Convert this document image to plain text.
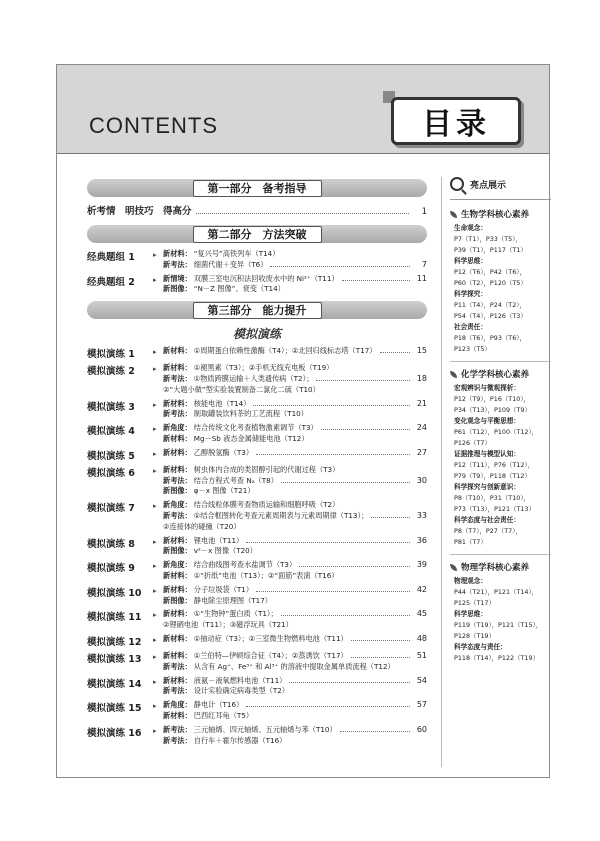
CONTENTS	目录
第一部分　备考指导
析考情　明技巧　得高分	1
第二部分　方法突破
经典题组 1	▸ 新材料： “复兴号”高铁列车（T14）
新考法： 细菌代谢＋变异（T6）	7
经典题组 2	▸ 新情境： 双膜三室电沉积法回收废水中的 Ni²⁺（T11）	11
新图像： “N－Z 图像”、衰变（T14）
第三部分　能力提升
模拟演练
模拟演练 1	▸ 新材料： ①周期蛋白依赖性激酶（T4）；②北回归线标志塔（T17）	15
模拟演练 2	▸ 新材料： ①褪黑素（T3）；②手机无线充电板（T19）
新考法： ①物质跨膜运输＋人类遗传病（T2）；	18
②“大题小做”型实验装置制备二氯化二硫（T10）
模拟演练 3	▸ 新材料： 核能电池（T14）	21
新考法： 制取罐装饮料茶的工艺流程（T10）
模拟演练 4	▸ 新角度： 结合传统文化考查植物激素调节（T3）	24
新材料： Mg－Sb 液态金属储能电池（T12）
模拟演练 5	▸ 新材料： 乙醇脱氢酶（T3）	27
模拟演练 6	▸ 新材料： 树虫体内合成的类固醇引起的代谢过程（T3）
新考法： 结合方程式考查 Nₐ（T8）	30
新图像： φ－x 图像（T21）
模拟演练 7	▸ 新角度： 结合线粒体膜考查物质运输和细胞呼吸（T2）
新考法： ①结合框图转化考查元素周期表与元素周期律（T13）；	33
②连接体的碰撞（T20）
模拟演练 8	▸ 新材料： 锂电池（T11）	36
新图像： v²－x 图像（T20）
模拟演练 9	▸ 新角度： 结合曲线图考查水盐调节（T3）	39
新材料： ①“折纸”电池（T13）；②“面筋”表演（T16）
模拟演练 10	▸ 新材料： 分子垃圾袋（T1）	42
新图像： 静电除尘原理图（T17）
模拟演练 11	▸ 新材料： ①“生物钟”蛋白质（T1）；	45
②锂硒电池（T11）；③磁浮玩具（T21）
模拟演练 12	▸ 新材料： ①抽动症（T3）；②三室微生物燃料电池（T11）	48
模拟演练 13	▸ 新材料： ①兰伯特—伊顿综合征（T4）；②蒸诱饮（T17）	51
新考法： 从含有 Ag⁺、Fe³⁺ 和 Al³⁺ 的溶液中提取金属单质流程（T12）
模拟演练 14	▸ 新材料： 液氨－液氧燃料电池（T11）	54
新考法： 设计实验确定病毒类型（T2）
模拟演练 15	▸ 新角度： 静电计（T16）	57
新材料： 巴西红耳龟（T5）
模拟演练 16	▸ 新考法： 三元轴烯、四元轴烯、五元轴烯与苯（T10）	60
新考法： 自行车＋霍尔传感器（T16）
亮点展示
生物学科核心素养
生命观念：
P7（T1），P33（T5），
P39（T1），P117（T1）
科学思维：
P12（T6），P42（T6），
P60（T2），P120（T5）
科学探究：
P11（T4），P24（T2），
P54（T4），P126（T3）
社会责任：
P18（T6），P93（T6），
P123（T5）
化学学科核心素养
宏观辨识与微观探析：
P12（T9），P16（T10），
P34（T13），P109（T9）
变化观念与平衡思想：
P61（T12），P100（T12），
P126（T7）
证据推理与模型认知：
P12（T11），P76（T12），
P79（T9），P118（T12）
科学探究与创新意识：
P8（T10），P31（T10），
P73（T13），P121（T13）
科学态度与社会责任：
P8（T7），P27（T7），
P81（T7）
物理学科核心素养
物理观念：
P44（T21），P121（T14），
P125（T17）
科学思维：
P119（T19），P121（T15），
P128（T19）
科学态度与责任：
P118（T14），P122（T19）
